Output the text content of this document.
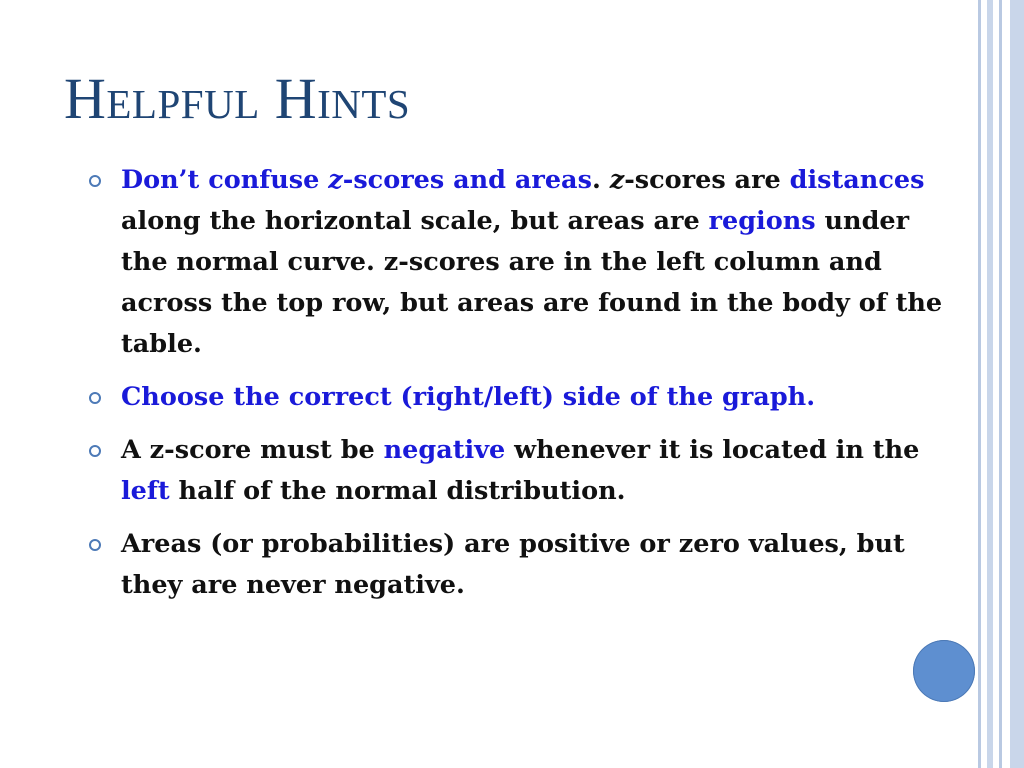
Helpful Hints
Don’t confuse z-scores and areas. z-scores are distances along the horizontal scale, but areas are regions under the normal curve. z-scores are in the left column and across the top row, but areas are found in the body of the table.
Choose the correct (right/left) side of the graph.
A z-score must be negative whenever it is located in the left half of the normal distribution.
Areas (or probabilities) are positive or zero values, but they are never negative.
